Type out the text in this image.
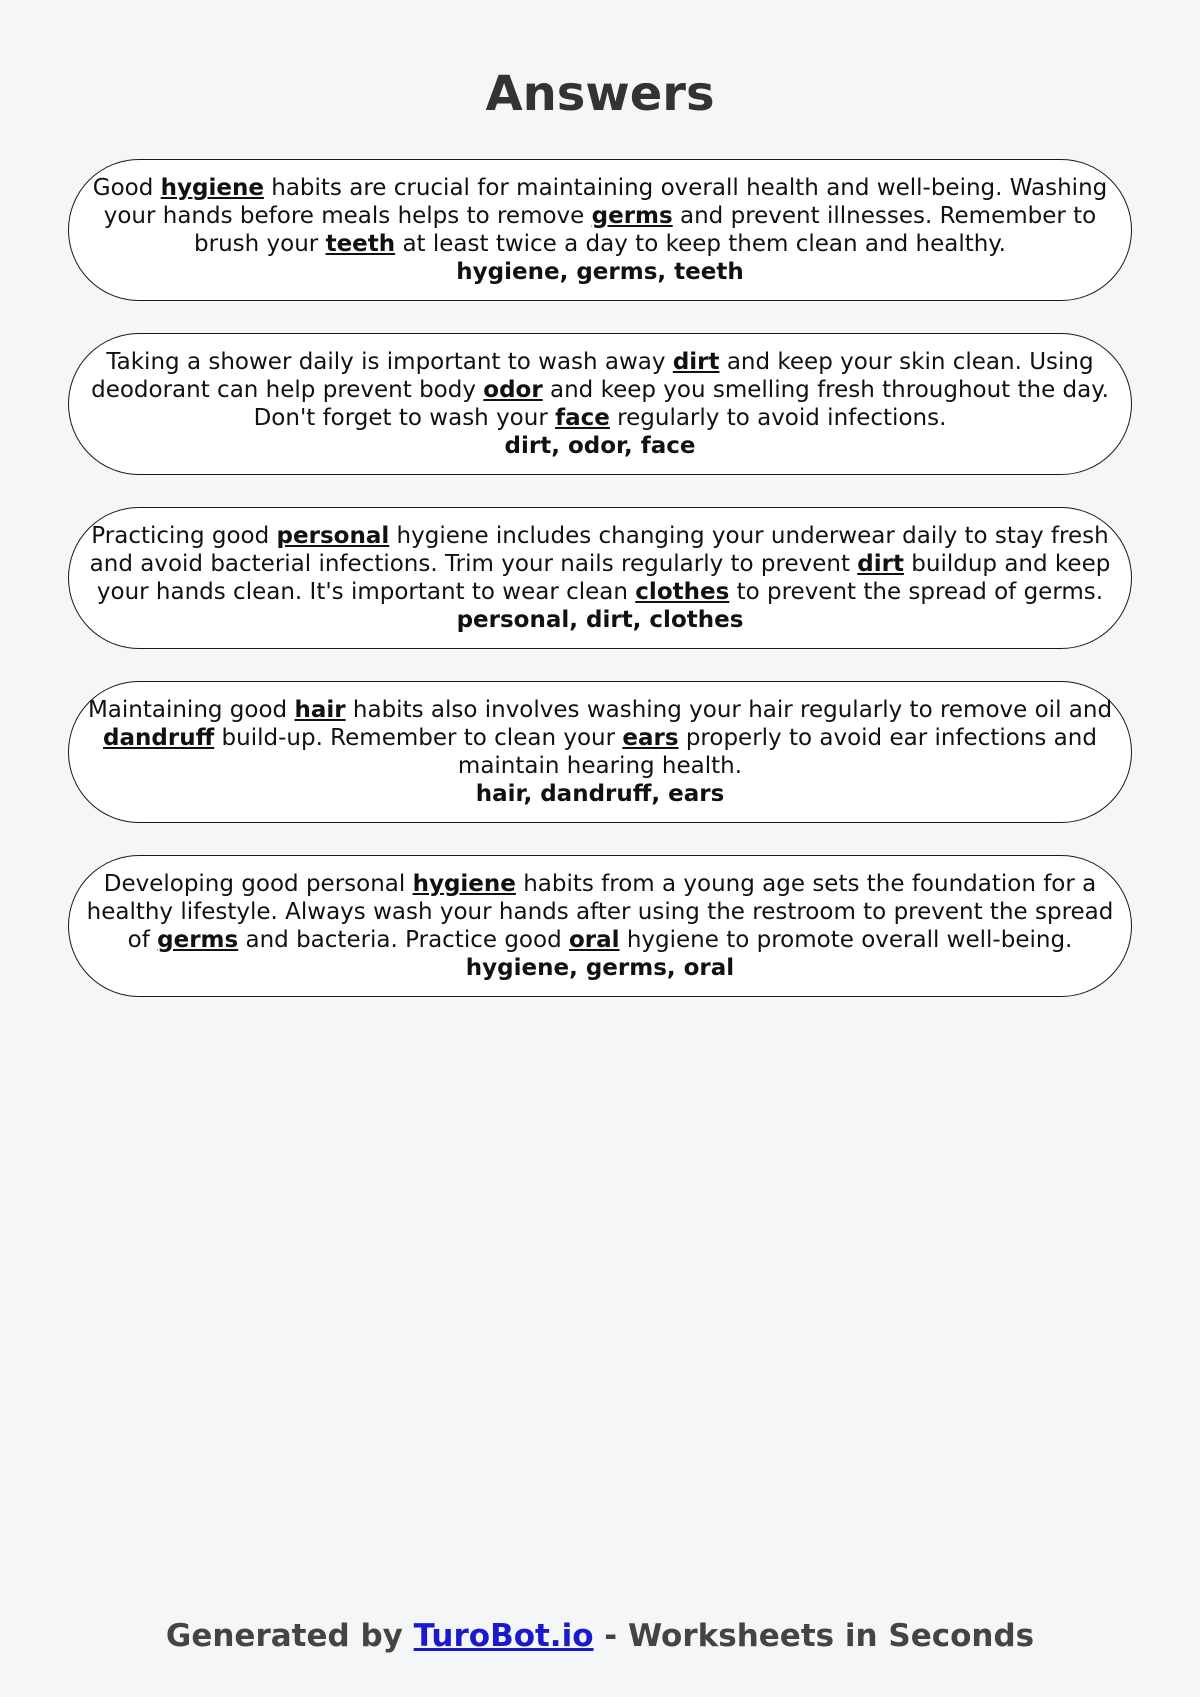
Answers
Good hygiene habits are crucial for maintaining overall health and well-being. Washing your hands before meals helps to remove germs and prevent illnesses. Remember to brush your teeth at least twice a day to keep them clean and healthy.
hygiene, germs, teeth
Taking a shower daily is important to wash away dirt and keep your skin clean. Using deodorant can help prevent body odor and keep you smelling fresh throughout the day. Don't forget to wash your face regularly to avoid infections.
dirt, odor, face
Practicing good personal hygiene includes changing your underwear daily to stay fresh and avoid bacterial infections. Trim your nails regularly to prevent dirt buildup and keep your hands clean. It's important to wear clean clothes to prevent the spread of germs.
personal, dirt, clothes
Maintaining good hair habits also involves washing your hair regularly to remove oil and dandruff build-up. Remember to clean your ears properly to avoid ear infections and maintain hearing health.
hair, dandruff, ears
Developing good personal hygiene habits from a young age sets the foundation for a healthy lifestyle. Always wash your hands after using the restroom to prevent the spread of germs and bacteria. Practice good oral hygiene to promote overall well-being.
hygiene, germs, oral
Generated by TuroBot.io - Worksheets in Seconds
